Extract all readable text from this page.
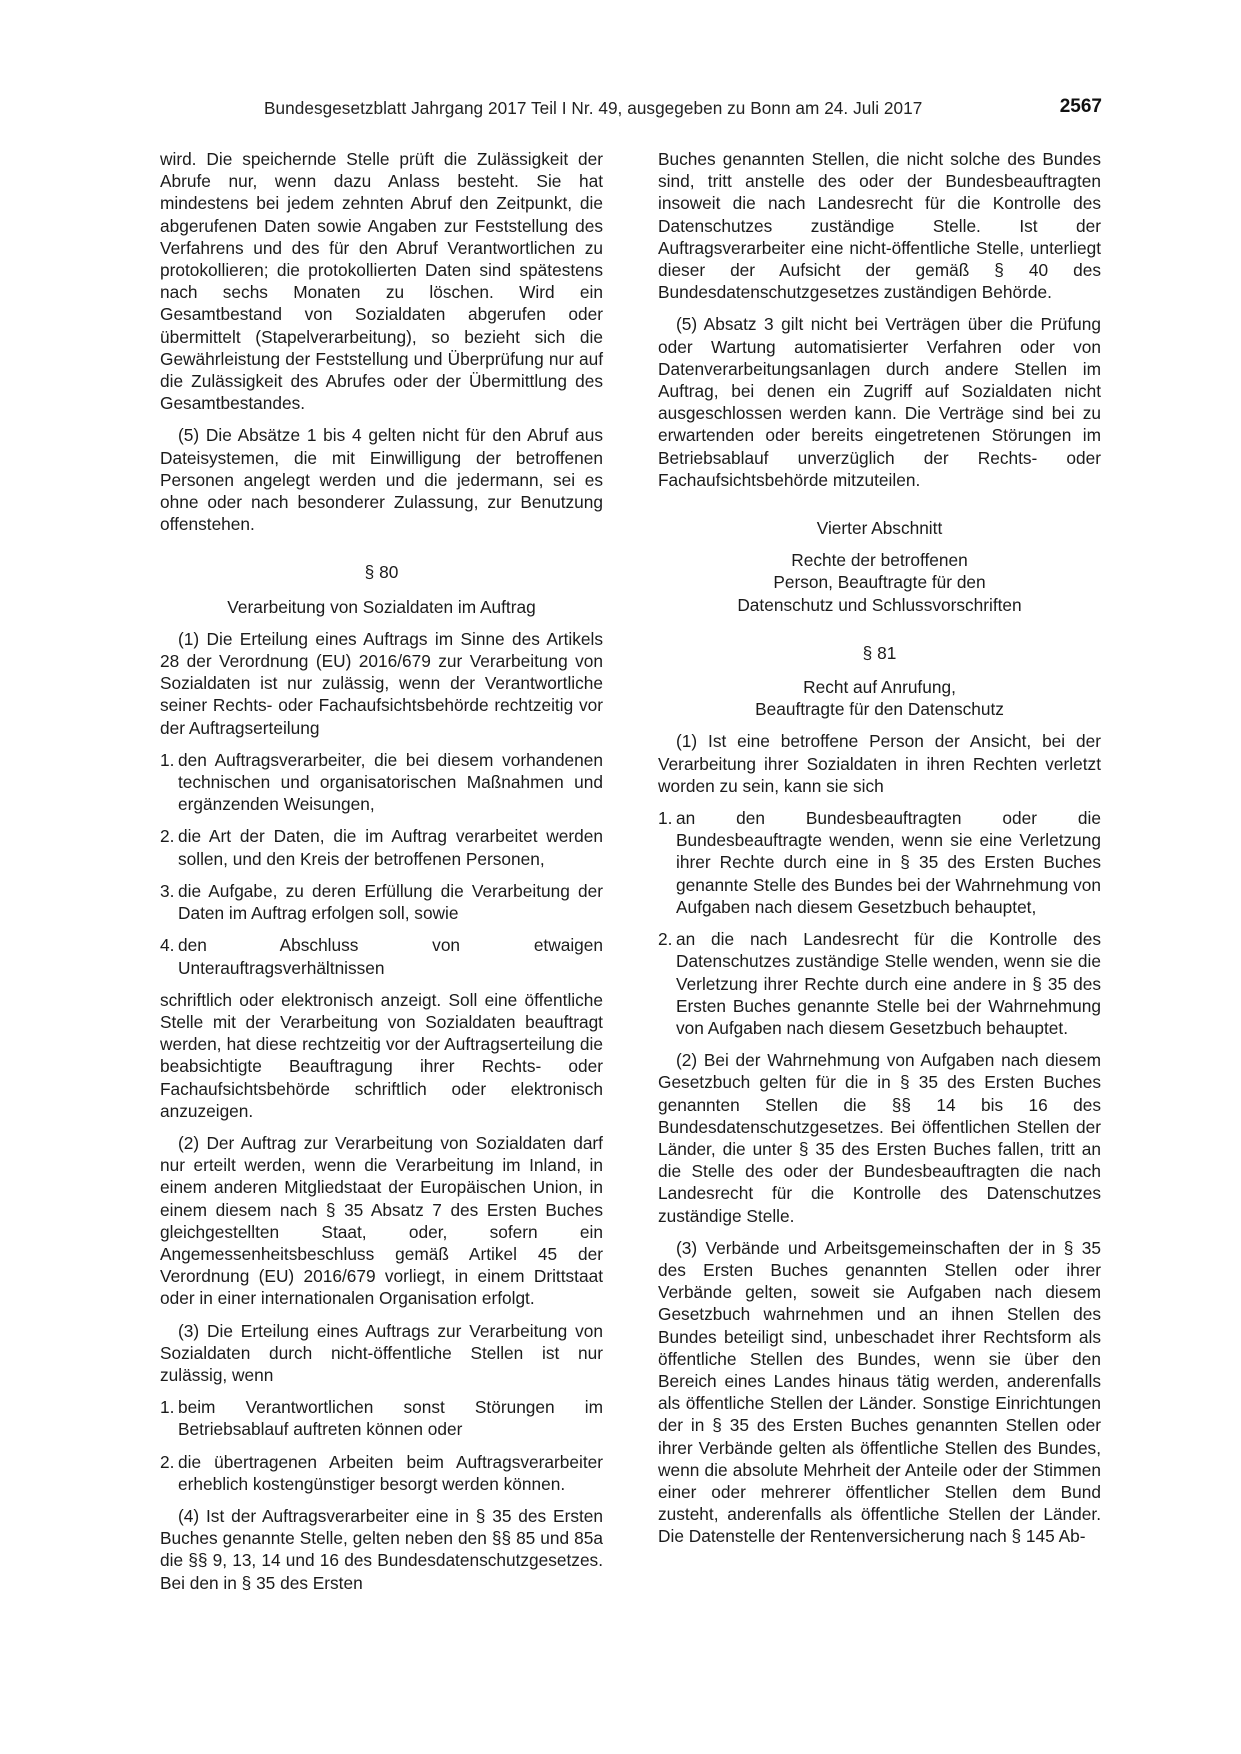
Bundesgesetzblatt Jahrgang 2017 Teil I Nr. 49, ausgegeben zu Bonn am 24. Juli 2017	2567

wird. Die speichernde Stelle prüft die Zulässigkeit der Abrufe nur, wenn dazu Anlass besteht. Sie hat mindestens bei jedem zehnten Abruf den Zeitpunkt, die abgerufenen Daten sowie Angaben zur Feststellung des Verfahrens und des für den Abruf Verantwortlichen zu protokollieren; die protokollierten Daten sind spätestens nach sechs Monaten zu löschen. Wird ein Gesamtbestand von Sozialdaten abgerufen oder übermittelt (Stapelverarbeitung), so bezieht sich die Gewährleistung der Feststellung und Überprüfung nur auf die Zulässigkeit des Abrufes oder der Übermittlung des Gesamtbestandes.

(5) Die Absätze 1 bis 4 gelten nicht für den Abruf aus Dateisystemen, die mit Einwilligung der betroffenen Personen angelegt werden und die jedermann, sei es ohne oder nach besonderer Zulassung, zur Benutzung offenstehen.

§ 80
Verarbeitung von Sozialdaten im Auftrag

(1) Die Erteilung eines Auftrags im Sinne des Artikels 28 der Verordnung (EU) 2016/679 zur Verarbeitung von Sozialdaten ist nur zulässig, wenn der Verantwortliche seiner Rechts- oder Fachaufsichtsbehörde rechtzeitig vor der Auftragserteilung

1. den Auftragsverarbeiter, die bei diesem vorhandenen technischen und organisatorischen Maßnahmen und ergänzenden Weisungen,
2. die Art der Daten, die im Auftrag verarbeitet werden sollen, und den Kreis der betroffenen Personen,
3. die Aufgabe, zu deren Erfüllung die Verarbeitung der Daten im Auftrag erfolgen soll, sowie
4. den Abschluss von etwaigen Unterauftragsverhältnissen

schriftlich oder elektronisch anzeigt. Soll eine öffentliche Stelle mit der Verarbeitung von Sozialdaten beauftragt werden, hat diese rechtzeitig vor der Auftragserteilung die beabsichtigte Beauftragung ihrer Rechts- oder Fachaufsichtsbehörde schriftlich oder elektronisch anzuzeigen.

(2) Der Auftrag zur Verarbeitung von Sozialdaten darf nur erteilt werden, wenn die Verarbeitung im Inland, in einem anderen Mitgliedstaat der Europäischen Union, in einem diesem nach § 35 Absatz 7 des Ersten Buches gleichgestellten Staat, oder, sofern ein Angemessenheitsbeschluss gemäß Artikel 45 der Verordnung (EU) 2016/679 vorliegt, in einem Drittstaat oder in einer internationalen Organisation erfolgt.

(3) Die Erteilung eines Auftrags zur Verarbeitung von Sozialdaten durch nicht-öffentliche Stellen ist nur zulässig, wenn

1. beim Verantwortlichen sonst Störungen im Betriebsablauf auftreten können oder
2. die übertragenen Arbeiten beim Auftragsverarbeiter erheblich kostengünstiger besorgt werden können.

(4) Ist der Auftragsverarbeiter eine in § 35 des Ersten Buches genannte Stelle, gelten neben den §§ 85 und 85a die §§ 9, 13, 14 und 16 des Bundesdatenschutzgesetzes. Bei den in § 35 des Ersten

Buches genannten Stellen, die nicht solche des Bundes sind, tritt anstelle des oder der Bundesbeauftragten insoweit die nach Landesrecht für die Kontrolle des Datenschutzes zuständige Stelle. Ist der Auftragsverarbeiter eine nicht-öffentliche Stelle, unterliegt dieser der Aufsicht der gemäß § 40 des Bundesdatenschutzgesetzes zuständigen Behörde.

(5) Absatz 3 gilt nicht bei Verträgen über die Prüfung oder Wartung automatisierter Verfahren oder von Datenverarbeitungsanlagen durch andere Stellen im Auftrag, bei denen ein Zugriff auf Sozialdaten nicht ausgeschlossen werden kann. Die Verträge sind bei zu erwartenden oder bereits eingetretenen Störungen im Betriebsablauf unverzüglich der Rechts- oder Fachaufsichtsbehörde mitzuteilen.

Vierter Abschnitt
Rechte der betroffenen
Person, Beauftragte für den
Datenschutz und Schlussvorschriften
§ 81
Recht auf Anrufung,
Beauftragte für den Datenschutz

(1) Ist eine betroffene Person der Ansicht, bei der Verarbeitung ihrer Sozialdaten in ihren Rechten verletzt worden zu sein, kann sie sich

1. an den Bundesbeauftragten oder die Bundesbeauftragte wenden, wenn sie eine Verletzung ihrer Rechte durch eine in § 35 des Ersten Buches genannte Stelle des Bundes bei der Wahrnehmung von Aufgaben nach diesem Gesetzbuch behauptet,
2. an die nach Landesrecht für die Kontrolle des Datenschutzes zuständige Stelle wenden, wenn sie die Verletzung ihrer Rechte durch eine andere in § 35 des Ersten Buches genannte Stelle bei der Wahrnehmung von Aufgaben nach diesem Gesetzbuch behauptet.

(2) Bei der Wahrnehmung von Aufgaben nach diesem Gesetzbuch gelten für die in § 35 des Ersten Buches genannten Stellen die §§ 14 bis 16 des Bundesdatenschutzgesetzes. Bei öffentlichen Stellen der Länder, die unter § 35 des Ersten Buches fallen, tritt an die Stelle des oder der Bundesbeauftragten die nach Landesrecht für die Kontrolle des Datenschutzes zuständige Stelle.

(3) Verbände und Arbeitsgemeinschaften der in § 35 des Ersten Buches genannten Stellen oder ihrer Verbände gelten, soweit sie Aufgaben nach diesem Gesetzbuch wahrnehmen und an ihnen Stellen des Bundes beteiligt sind, unbeschadet ihrer Rechtsform als öffentliche Stellen des Bundes, wenn sie über den Bereich eines Landes hinaus tätig werden, anderenfalls als öffentliche Stellen der Länder. Sonstige Einrichtungen der in § 35 des Ersten Buches genannten Stellen oder ihrer Verbände gelten als öffentliche Stellen des Bundes, wenn die absolute Mehrheit der Anteile oder der Stimmen einer oder mehrerer öffentlicher Stellen dem Bund zusteht, anderenfalls als öffentliche Stellen der Länder. Die Datenstelle der Rentenversicherung nach § 145 Ab-
